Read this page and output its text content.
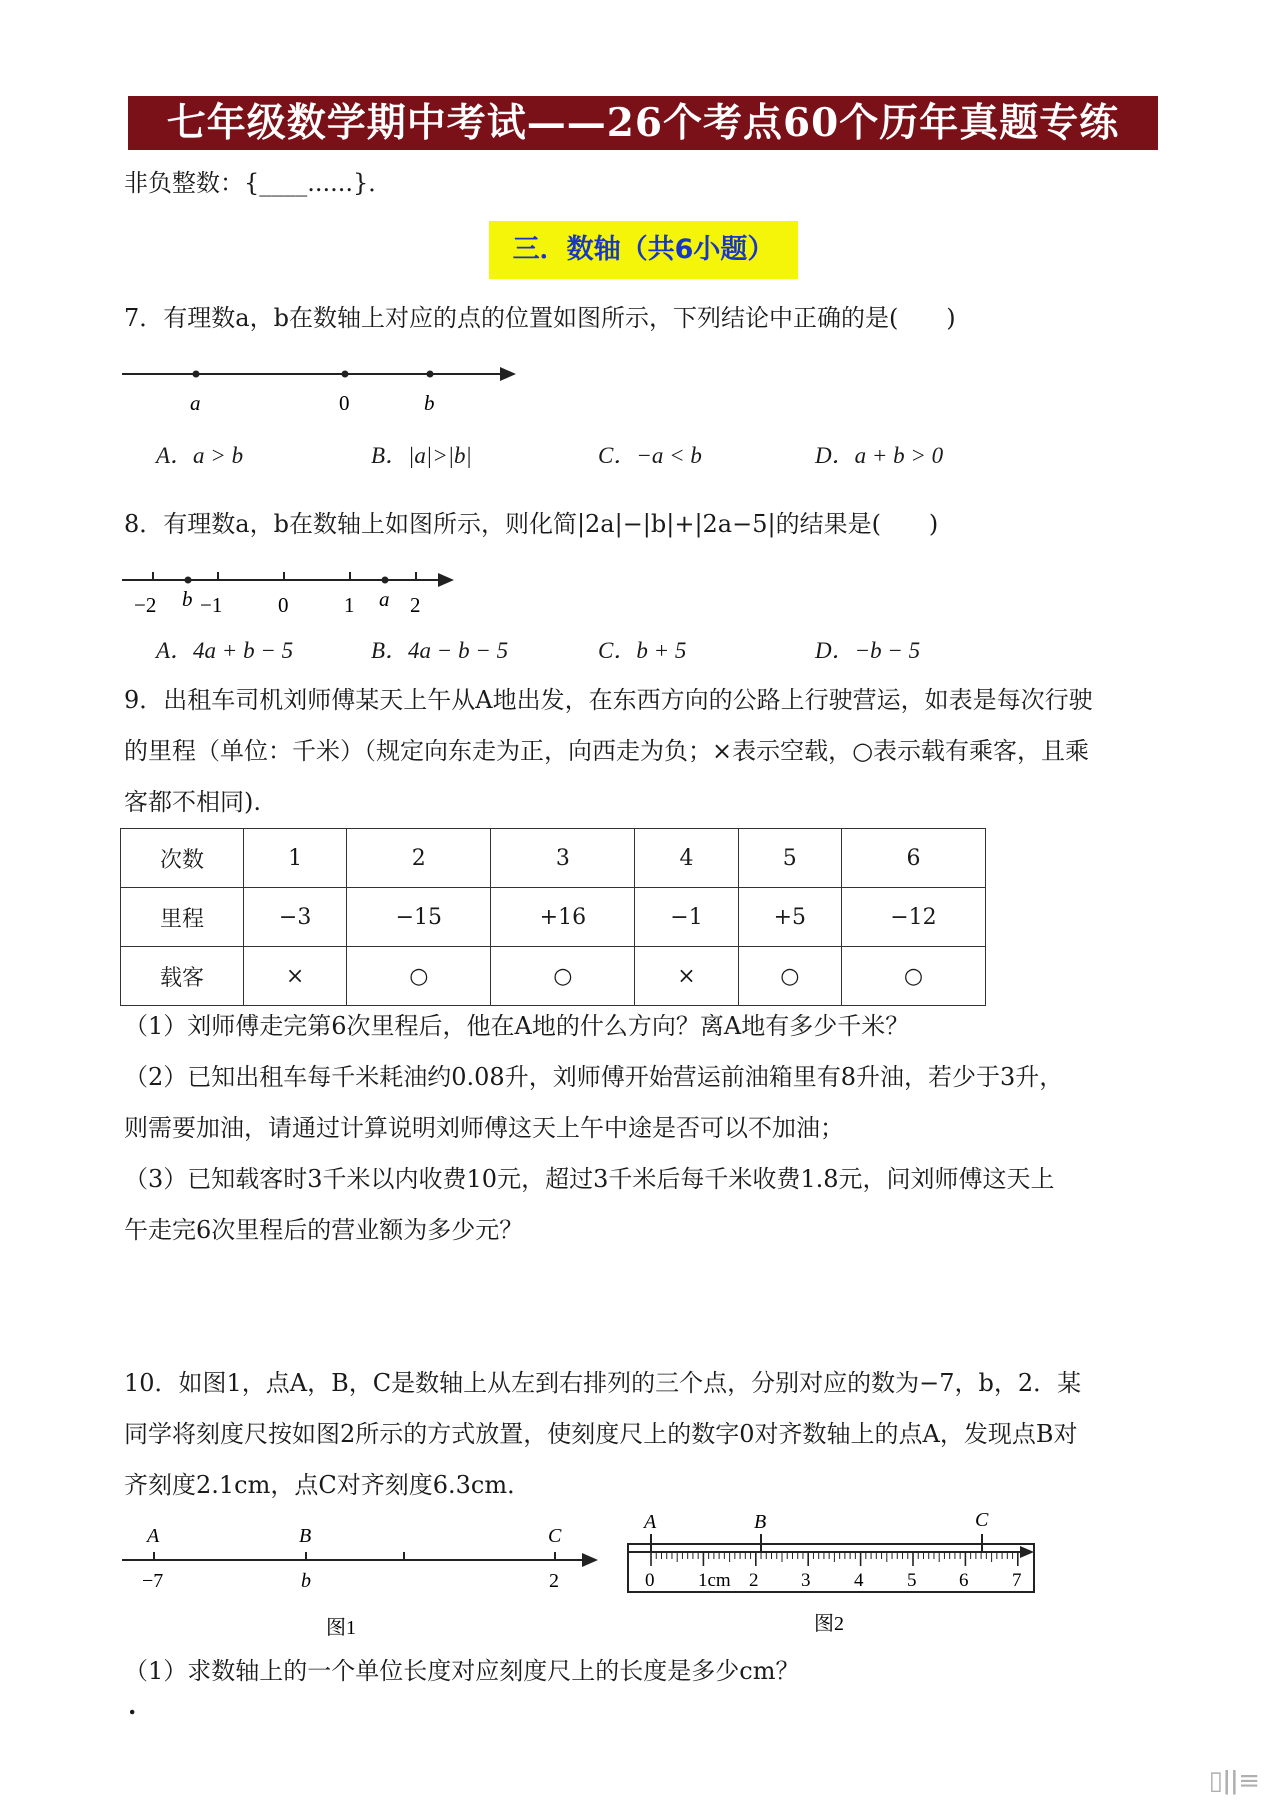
七年级数学期中考试——26个考点60个历年真题专练
非负整数：{____......}．
三．数轴（共6小题）
7．有理数a，b在数轴上对应的点的位置如图所示，下列结论中正确的是(　　)
a	0	b
A．a > b	B．|a|>|b|	C．−a < b	D．a + b > 0
8．有理数a，b在数轴上如图所示，则化简|2a|−|b|+|2a−5|的结果是(　　)
−2 −1	0	1	2
b	a
A．4a + b − 5	B．4a − b − 5	C．b + 5	D．−b − 5
9．出租车司机刘师傅某天上午从A地出发，在东西方向的公路上行驶营运，如表是每次行驶
的里程（单位：千米）（规定向东走为正，向西走为负；×表示空载，○表示载有乘客，且乘
客都不相同).
次数	1	2	3	4	5	6
里程	−3	−15	+16	−1	+5	−12
载客	×	○	○	×	○	○
（1）刘师傅走完第6次里程后，他在A地的什么方向？离A地有多少千米？
（2）已知出租车每千米耗油约0.08升，刘师傅开始营运前油箱里有8升油，若少于3升，
则需要加油，请通过计算说明刘师傅这天上午中途是否可以不加油；
（3）已知载客时3千米以内收费10元，超过3千米后每千米收费1.8元，问刘师傅这天上
午走完6次里程后的营业额为多少元？
10．如图1，点A，B，C是数轴上从左到右排列的三个点，分别对应的数为−7，b，2．某
同学将刻度尺按如图2所示的方式放置，使刻度尺上的数字0对齐数轴上的点A，发现点B对
齐刻度2.1cm，点C对齐刻度6.3cm．
A	B	C
−7	b	2
图1
A	B	C
0 1cm 2 3 4 5 6 7
图2
（1）求数轴上的一个单位长度对应刻度尺上的长度是多少cm？
.
▯ǀǀ≡
